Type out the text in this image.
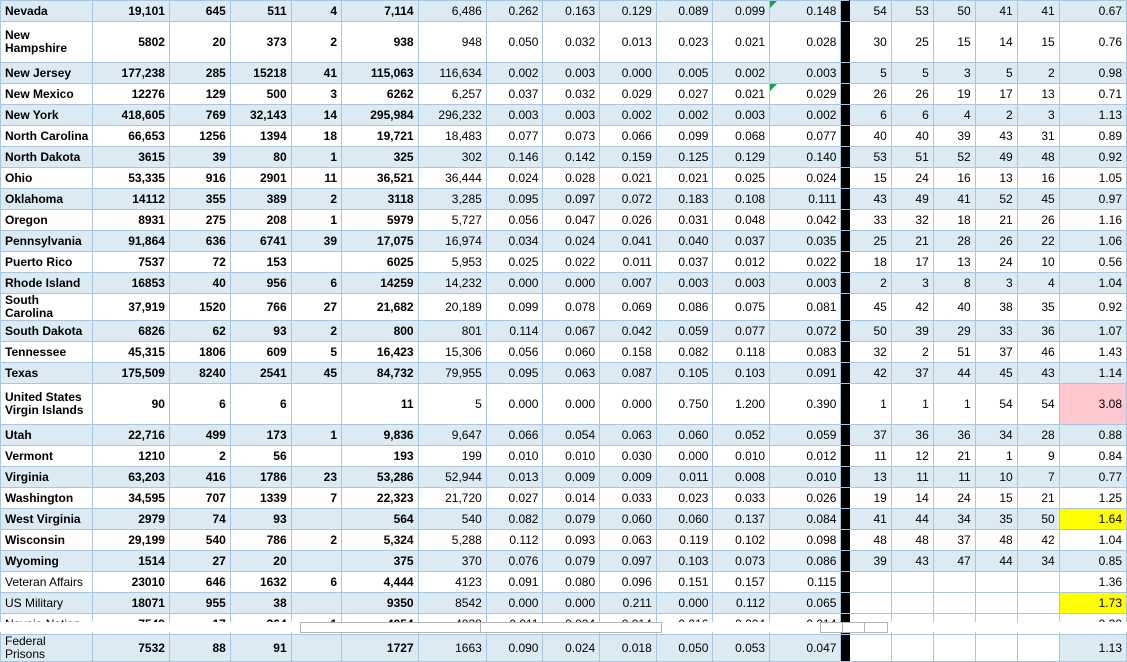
Nevada	19,101	645	511	4	7,114	6,486	0.262	0.163	0.129	0.089	0.099	0.148		54	53	50	41	41	0.67
New Hampshire	5802	20	373	2	938	948	0.050	0.032	0.013	0.023	0.021	0.028		30	25	15	14	15	0.76
New Jersey	177,238	285	15218	41	115,063	116,634	0.002	0.003	0.000	0.005	0.002	0.003		5	5	3	5	2	0.98
New Mexico	12276	129	500	3	6262	6,257	0.037	0.032	0.029	0.027	0.021	0.029		26	26	19	17	13	0.71
New York	418,605	769	32,143	14	295,984	296,232	0.003	0.003	0.002	0.002	0.003	0.002		6	6	4	2	3	1.13
North Carolina	66,653	1256	1394	18	19,721	18,483	0.077	0.073	0.066	0.099	0.068	0.077		40	40	39	43	31	0.89
North Dakota	3615	39	80	1	325	302	0.146	0.142	0.159	0.125	0.129	0.140		53	51	52	49	48	0.92
Ohio	53,335	916	2901	11	36,521	36,444	0.024	0.028	0.021	0.021	0.025	0.024		15	24	16	13	16	1.05
Oklahoma	14112	355	389	2	3118	3,285	0.095	0.097	0.072	0.183	0.108	0.111		43	49	41	52	45	0.97
Oregon	8931	275	208	1	5979	5,727	0.056	0.047	0.026	0.031	0.048	0.042		33	32	18	21	26	1.16
Pennsylvania	91,864	636	6741	39	17,075	16,974	0.034	0.024	0.041	0.040	0.037	0.035		25	21	28	26	22	1.06
Puerto Rico	7537	72	153		6025	5,953	0.025	0.022	0.011	0.037	0.012	0.022		18	17	13	24	10	0.56
Rhode Island	16853	40	956	6	14259	14,232	0.000	0.000	0.007	0.003	0.003	0.003		2	3	8	3	4	1.04
South Carolina	37,919	1520	766	27	21,682	20,189	0.099	0.078	0.069	0.086	0.075	0.081		45	42	40	38	35	0.92
South Dakota	6826	62	93	2	800	801	0.114	0.067	0.042	0.059	0.077	0.072		50	39	29	33	36	1.07
Tennessee	45,315	1806	609	5	16,423	15,306	0.056	0.060	0.158	0.082	0.118	0.083		32	2	51	37	46	1.43
Texas	175,509	8240	2541	45	84,732	79,955	0.095	0.063	0.087	0.105	0.103	0.091		42	37	44	45	43	1.14
United States Virgin Islands	90	6	6		11	5	0.000	0.000	0.000	0.750	1.200	0.390		1	1	1	54	54	3.08
Utah	22,716	499	173	1	9,836	9,647	0.066	0.054	0.063	0.060	0.052	0.059		37	36	36	34	28	0.88
Vermont	1210	2	56		193	199	0.010	0.010	0.030	0.000	0.010	0.012		11	12	21	1	9	0.84
Virginia	63,203	416	1786	23	53,286	52,944	0.013	0.009	0.009	0.011	0.008	0.010		13	11	11	10	7	0.77
Washington	34,595	707	1339	7	22,323	21,720	0.027	0.014	0.033	0.023	0.033	0.026		19	14	24	15	21	1.25
West Virginia	2979	74	93		564	540	0.082	0.079	0.060	0.060	0.137	0.084		41	44	34	35	50	1.64
Wisconsin	29,199	540	786	2	5,324	5,288	0.112	0.093	0.063	0.119	0.102	0.098		48	48	37	48	42	1.04
Wyoming	1514	27	20		375	370	0.076	0.079	0.097	0.103	0.073	0.086		39	43	47	44	34	0.85
Veteran Affairs	23010	646	1632	6	4,444	4123	0.091	0.080	0.096	0.151	0.157	0.115							1.36
US Military	18071	955	38		9350	8542	0.000	0.000	0.211	0.000	0.112	0.065							1.73

Federal Prisons	7532	88	91		1727	1663	0.090	0.024	0.018	0.050	0.053	0.047							1.13
